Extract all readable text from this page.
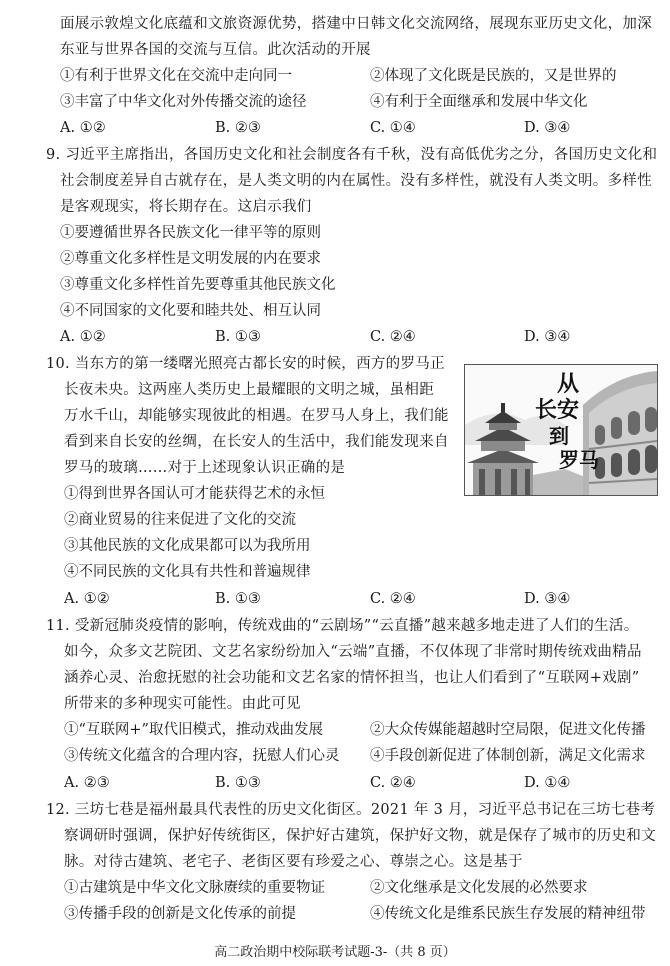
面展示敦煌文化底蕴和文旅资源优势，搭建中日韩文化交流网络，展现东亚历史文化，加深
东亚与世界各国的交流与互信。此次活动的开展
①有利于世界文化在交流中走向同一	②体现了文化既是民族的，又是世界的
③丰富了中华文化对外传播交流的途径	④有利于全面继承和发展中华文化
A. ①②	B. ②③	C. ①④	D. ③④
9. 习近平主席指出，各国历史文化和社会制度各有千秋，没有高低优劣之分，各国历史文化和
社会制度差异自古就存在，是人类文明的内在属性。没有多样性，就没有人类文明。多样性
是客观现实，将长期存在。这启示我们
①要遵循世界各民族文化一律平等的原则
②尊重文化多样性是文明发展的内在要求
③尊重文化多样性首先要尊重其他民族文化
④不同国家的文化要和睦共处、相互认同
A. ①②	B. ①③	C. ②④	D. ③④
10. 当东方的第一缕曙光照亮古都长安的时候，西方的罗马正
长夜未央。这两座人类历史上最耀眼的文明之城，虽相距
万水千山，却能够实现彼此的相遇。在罗马人身上，我们能
看到来自长安的丝绸，在长安人的生活中，我们能发现来自
罗马的玻璃……对于上述现象认识正确的是
①得到世界各国认可才能获得艺术的永恒
②商业贸易的往来促进了文化的交流
③其他民族的文化成果都可以为我所用
④不同民族的文化具有共性和普遍规律
A. ①②	B. ①③	C. ②④	D. ③④
从
长安
到
罗马
11. 受新冠肺炎疫情的影响，传统戏曲的“云剧场”“云直播”越来越多地走进了人们的生活。
如今，众多文艺院团、文艺名家纷纷加入“云端”直播，不仅体现了非常时期传统戏曲精品
涵养心灵、治愈抚慰的社会功能和文艺名家的情怀担当，也让人们看到了“互联网+戏剧”
所带来的多种现实可能性。由此可见
①“互联网+”取代旧模式，推动戏曲发展	②大众传媒能超越时空局限，促进文化传播
③传统文化蕴含的合理内容，抚慰人们心灵 ④手段创新促进了体制创新，满足文化需求
A. ②③	B. ①③	C. ②④	D. ①④
12. 三坊七巷是福州最具代表性的历史文化街区。2021 年 3 月，习近平总书记在三坊七巷考
察调研时强调，保护好传统街区，保护好古建筑，保护好文物，就是保存了城市的历史和文
脉。对待古建筑、老宅子、老街区要有珍爱之心、尊崇之心。这是基于
①古建筑是中华文化文脉赓续的重要物证	②文化继承是文化发展的必然要求
③传播手段的创新是文化传承的前提	④传统文化是维系民族生存发展的精神纽带
高二政治期中校际联考试题-3-（共 8 页）
